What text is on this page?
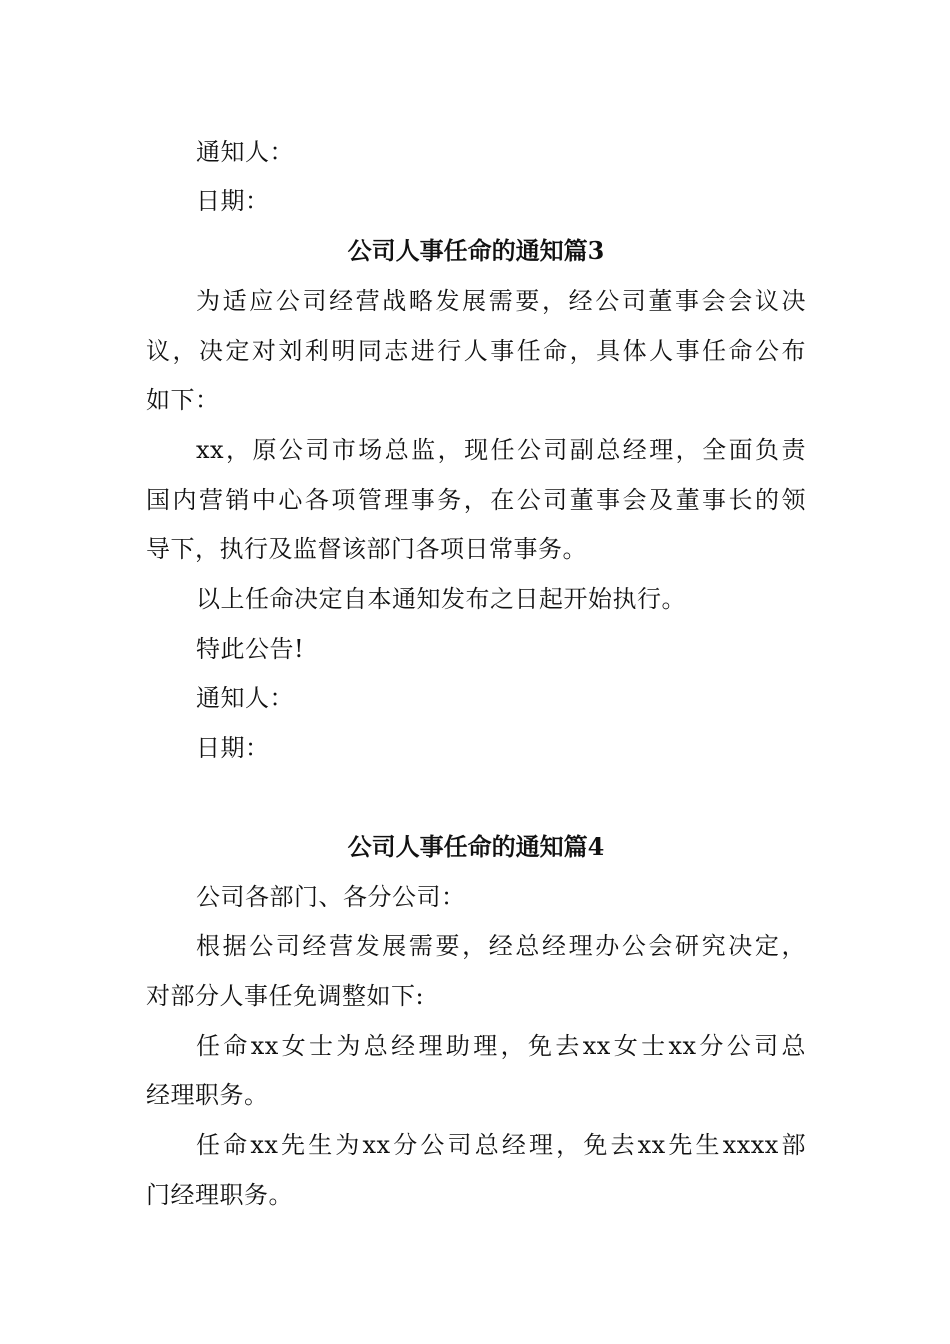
通知人：
日期：
公司人事任命的通知篇3
为适应公司经营战略发展需要，经公司董事会会议决
议，决定对刘利明同志进行人事任命，具体人事任命公布
如下：
xx，原公司市场总监，现任公司副总经理，全面负责
国内营销中心各项管理事务，在公司董事会及董事长的领
导下，执行及监督该部门各项日常事务。
以上任命决定自本通知发布之日起开始执行。
特此公告!
通知人：
日期：
公司人事任命的通知篇4
公司各部门、各分公司：
根据公司经营发展需要，经总经理办公会研究决定，
对部分人事任免调整如下:
任命xx女士为总经理助理，免去xx女士xx分公司总
经理职务。
任命xx先生为xx分公司总经理，免去xx先生xxxx部
门经理职务。
